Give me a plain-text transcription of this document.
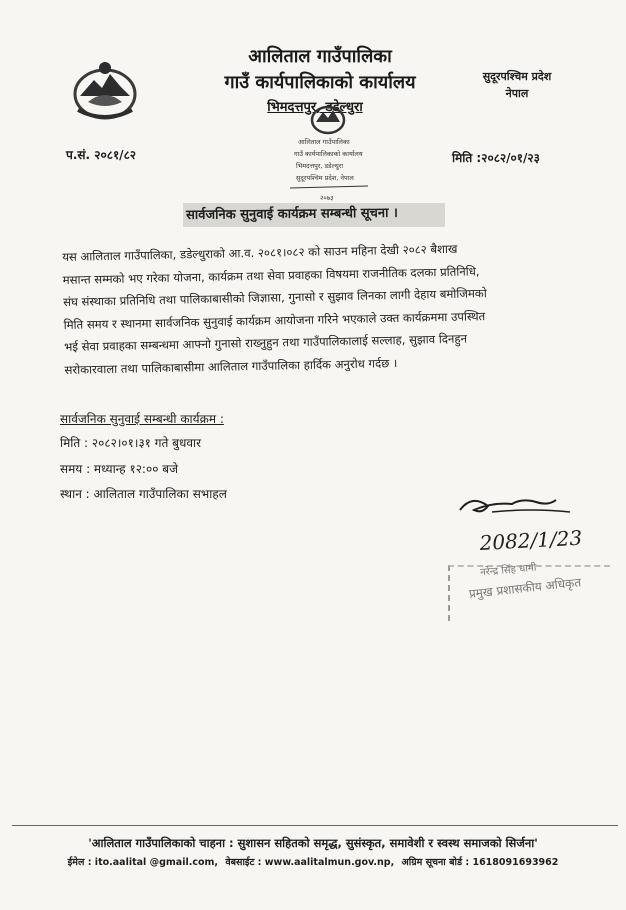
आलिताल गाउँपालिका
गाउँ कार्यपालिकाको कार्यालय
भिमदत्तपुर, डडेल्धुरा
सुदूरपश्चिम प्रदेश
नेपाल
प.सं. २०८१/८२	मिति :२०८२/०१/२३
आलिताल गाउँपालिका
गाउँ कार्यपालिकाको कार्यालय
भिमदत्तपुर, डडेल्धुरा
सुदूरपश्चिम प्रदेश, नेपाल
२०७३
सार्वजनिक सुनुवाई कार्यक्रम सम्बन्धी सूचना ।
यस आलिताल गाउँपालिका, डडेल्धुराको आ.व. २०८१।०८२ को साउन महिना देखी २०८२ बैशाख
मसान्त सम्मको भए गरेका योजना, कार्यक्रम तथा सेवा प्रवाहका विषयमा राजनीतिक दलका प्रतिनिधि,
संघ संस्थाका प्रतिनिधि तथा पालिकाबासीको जिज्ञासा, गुनासो र सुझाव लिनका लागी देहाय बमोजिमको
मिति समय र स्थानमा सार्वजनिक सुनुवाई कार्यक्रम आयोजना गरिने भएकाले उक्त कार्यक्रममा उपस्थित
भई सेवा प्रवाहका सम्बन्धमा आफ्नो गुनासो राख्नुहुन तथा गाउँपालिकालाई सल्लाह, सुझाव दिनहुन
सरोकारवाला तथा पालिकाबासीमा आलिताल गाउँपालिका हार्दिक अनुरोध गर्दछ ।
सार्वजनिक सुनुवाई सम्बन्धी कार्यक्रम :
मिति : २०८२।०१।३१ गते बुधवार
समय : मध्यान्ह १२:०० बजे
स्थान : आलिताल गाउँपालिका सभाहल
2082/1/23
नरेन्द्र सिंह धामी
प्रमुख प्रशासकीय अधिकृत
'आलिताल गाउँपालिकाको चाहना : सुशासन सहितको समृद्ध, सुसंस्कृत, समावेशी र स्वस्थ समाजको सिर्जना'
ईमेल : ito.aalital @gmail.com, वेबसाईट : www.aalitalmun.gov.np, अग्रिम सूचना बोर्ड : 1618091693962
